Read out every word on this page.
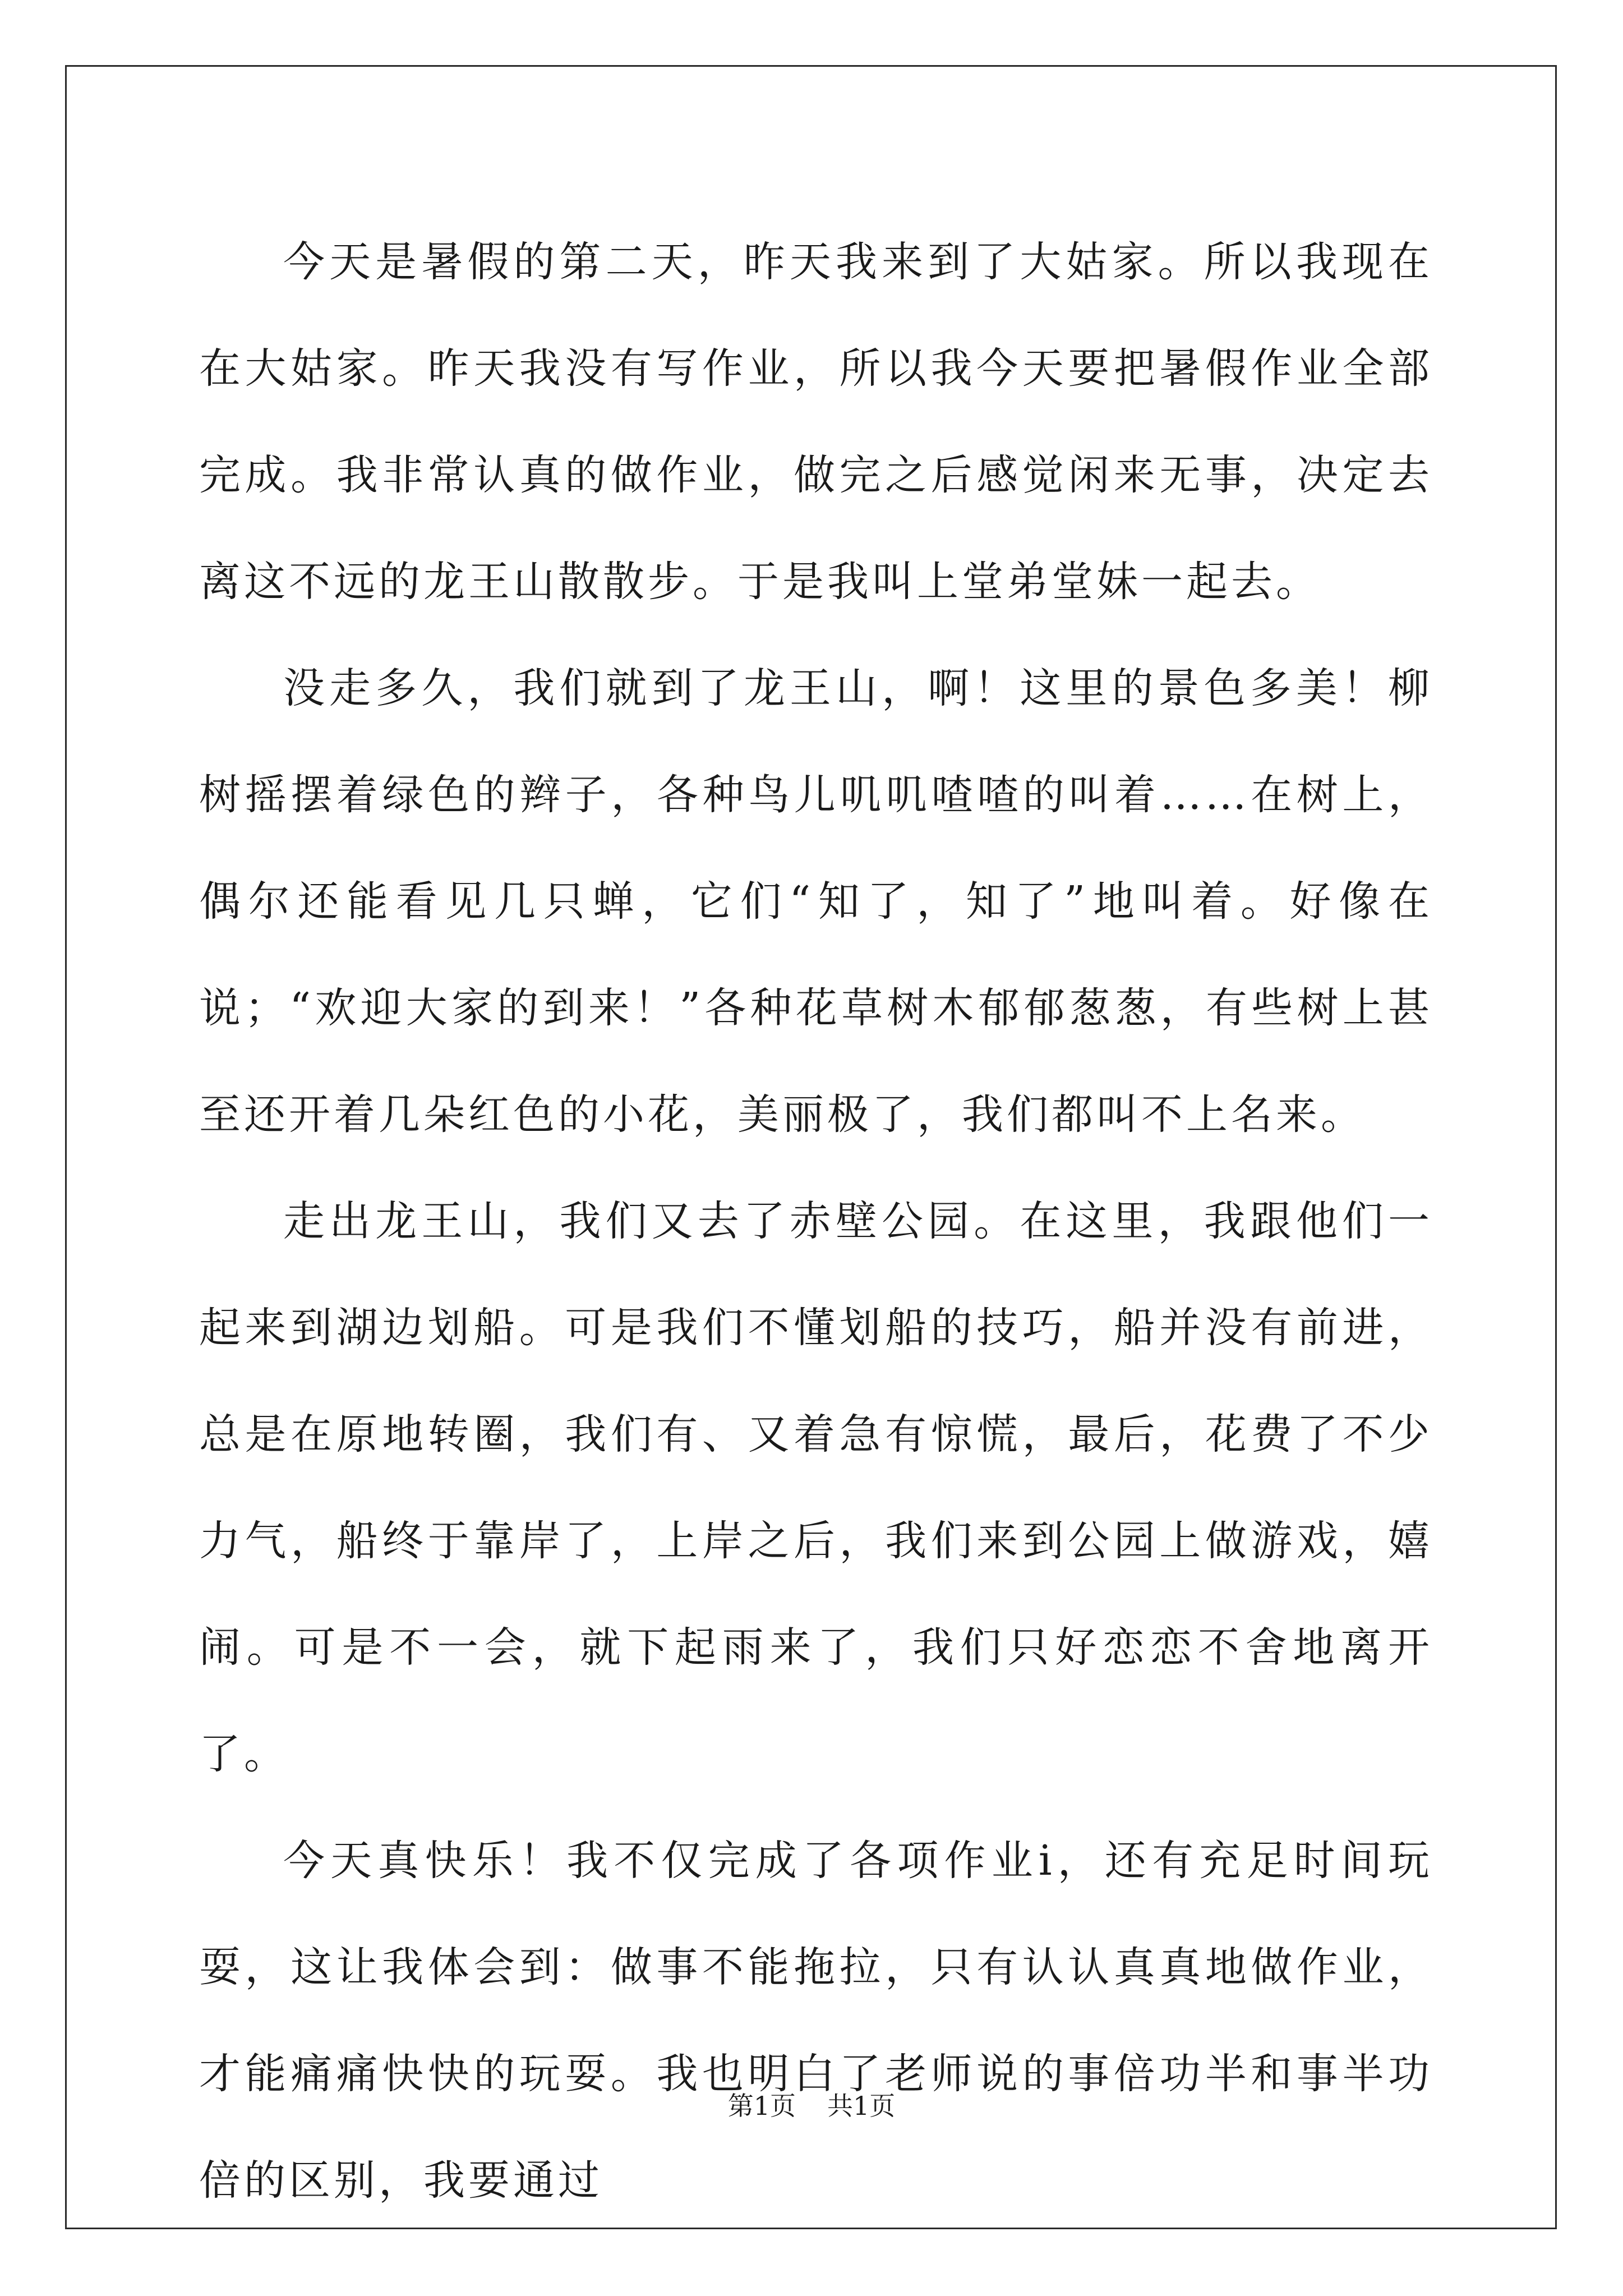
今天是暑假的第二天，昨天我来到了大姑家。所以我现在在大姑家。昨天我没有写作业，所以我今天要把暑假作业全部完成。我非常认真的做作业，做完之后感觉闲来无事，决定去离这不远的龙王山散散步。于是我叫上堂弟堂妹一起去。

没走多久，我们就到了龙王山，啊！这里的景色多美！柳树摇摆着绿色的辫子，各种鸟儿叽叽喳喳的叫着……在树上，偶尔还能看见几只蝉，它们“知了，知了”地叫着。好像在说；“欢迎大家的到来！”各种花草树木郁郁葱葱，有些树上甚至还开着几朵红色的小花，美丽极了，我们都叫不上名来。

走出龙王山，我们又去了赤壁公园。在这里，我跟他们一起来到湖边划船。可是我们不懂划船的技巧，船并没有前进，总是在原地转圈，我们有、又着急有惊慌，最后，花费了不少力气，船终于靠岸了，上岸之后，我们来到公园上做游戏，嬉闹。可是不一会，就下起雨来了，我们只好恋恋不舍地离开了。

今天真快乐！我不仅完成了各项作业i，还有充足时间玩耍，这让我体会到：做事不能拖拉，只有认认真真地做作业，才能痛痛快快的玩耍。我也明白了老师说的事倍功半和事半功倍的区别，我要通过

第1页 共1页
